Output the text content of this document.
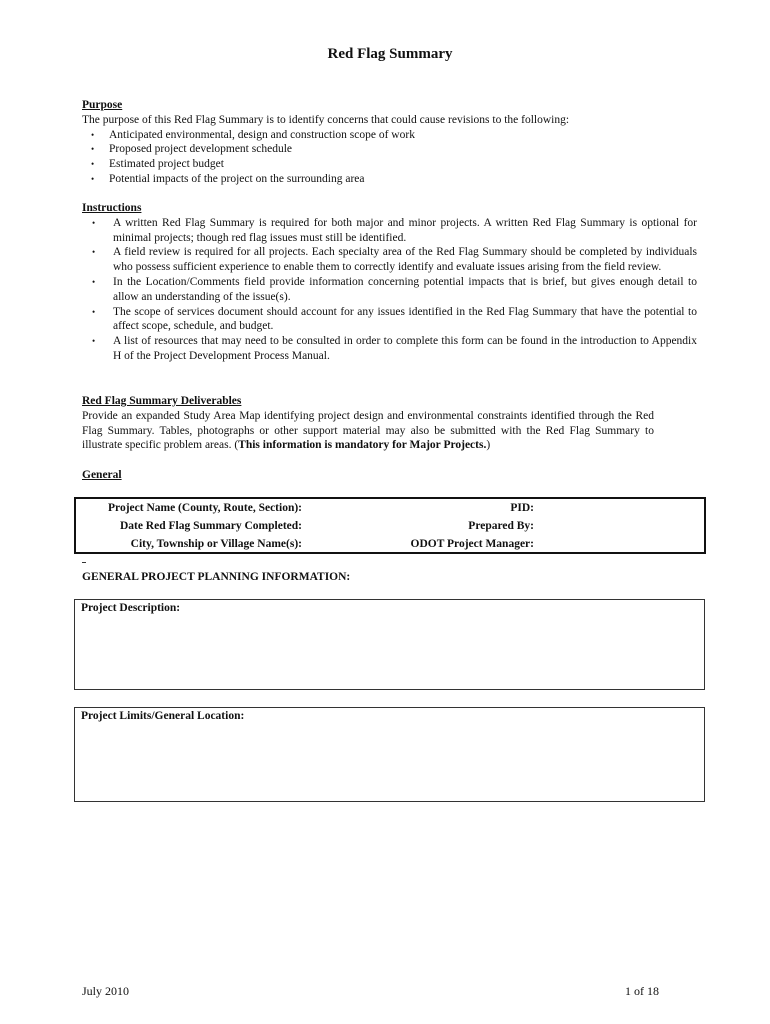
Red Flag Summary
Purpose
The purpose of this Red Flag Summary is to identify concerns that could cause revisions to the following:
• Anticipated environmental, design and construction scope of work
• Proposed project development schedule
• Estimated project budget
• Potential impacts of the project on the surrounding area
Instructions
• A written Red Flag Summary is required for both major and minor projects. A written Red Flag Summary is optional for minimal projects; though red flag issues must still be identified.
• A field review is required for all projects. Each specialty area of the Red Flag Summary should be completed by individuals who possess sufficient experience to enable them to correctly identify and evaluate issues arising from the field review.
• In the Location/Comments field provide information concerning potential impacts that is brief, but gives enough detail to allow an understanding of the issue(s).
• The scope of services document should account for any issues identified in the Red Flag Summary that have the potential to affect scope, schedule, and budget.
• A list of resources that may need to be consulted in order to complete this form can be found in the introduction to Appendix H of the Project Development Process Manual.
Red Flag Summary Deliverables
Provide an expanded Study Area Map identifying project design and environmental constraints identified through the Red Flag Summary. Tables, photographs or other support material may also be submitted with the Red Flag Summary to illustrate specific problem areas. (This information is mandatory for Major Projects.)
General
Project Name (County, Route, Section):	PID:
Date Red Flag Summary Completed:	Prepared By:
City, Township or Village Name(s):	ODOT Project Manager:
GENERAL PROJECT PLANNING INFORMATION:
Project Description:
Project Limits/General Location:
July 2010	1 of 18
